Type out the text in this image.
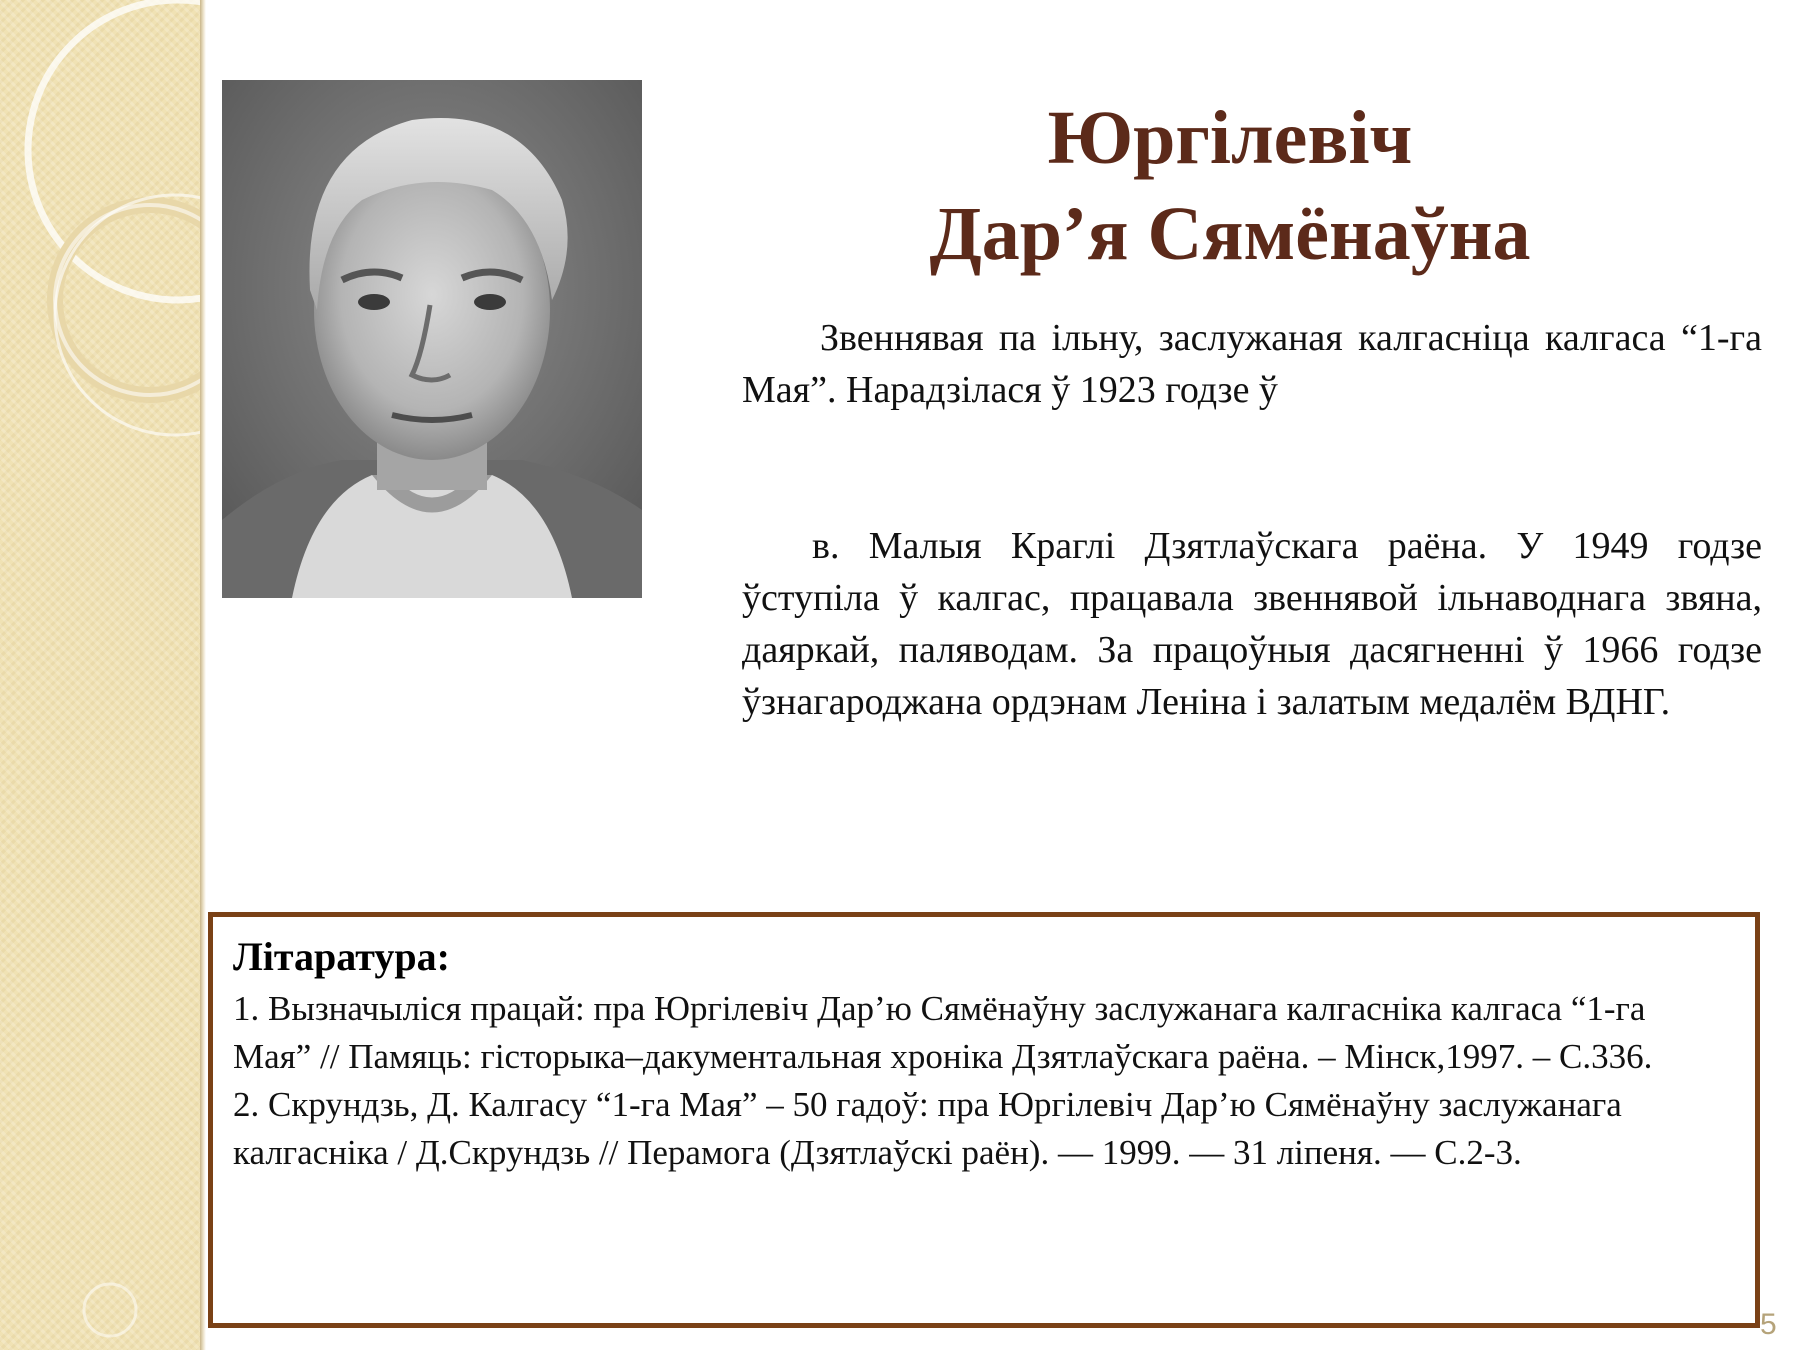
Юргілевіч
Дар’я Сямёнаўна

Звеннявая па ільну, заслужаная калгасніца калгаса “1-га Мая”. Нарадзілася ў 1923 годзе ў

в. Малыя Краглі Дзятлаўскага раёна. У 1949 годзе ўступіла ў калгас, працавала звеннявой ільнаводнага звяна, даяркай, паляводам. За працоўныя дасягненні ў 1966 годзе ўзнагароджана ордэнам Леніна і залатым медалём ВДНГ.

Літаратура:

1. Вызначыліся працай: пра Юргілевіч Дар’ю Сямёнаўну заслужанага калгасніка калгаса “1-га Мая” // Памяць: гісторыка–дакументальная хроніка Дзятлаўскага раёна. – Мінск,1997. – С.336.

2. Скрундзь, Д. Калгасу “1-га Мая” – 50 гадоў: пра Юргілевіч Дар’ю Сямёнаўну заслужанага калгасніка / Д.Скрундзь // Перамога (Дзятлаўскі раён). — 1999. — 31 ліпеня. — С.2-3.

5
